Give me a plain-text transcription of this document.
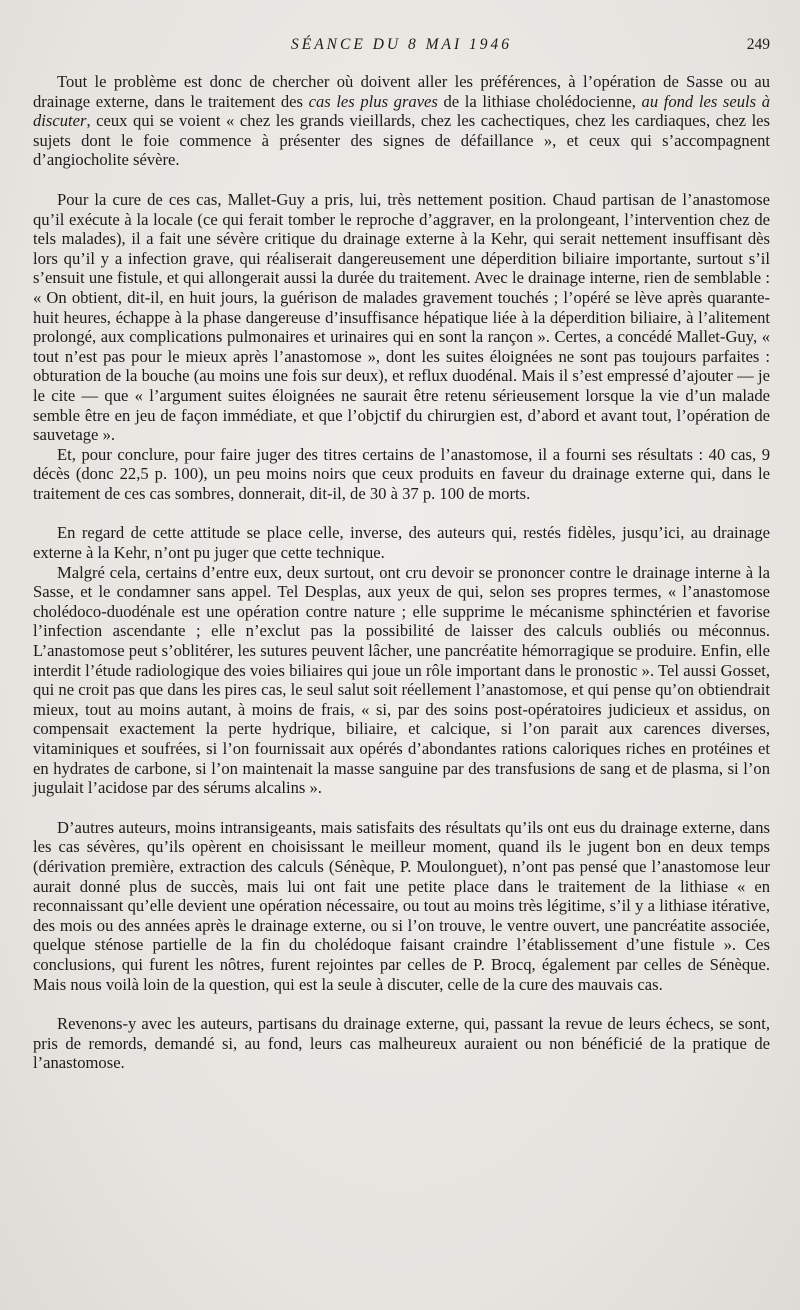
SÉANCE DU 8 MAI 1946	249

Tout le problème est donc de chercher où doivent aller les préférences, à l’opération de Sasse ou au drainage externe, dans le traitement des cas les plus graves de la lithiase cholédocienne, au fond les seuls à discuter, ceux qui se voient « chez les grands vieillards, chez les cachectiques, chez les cardiaques, chez les sujets dont le foie commence à présenter des signes de défaillance », et ceux qui s’accompagnent d’angiocholite sévère.

Pour la cure de ces cas, Mallet-Guy a pris, lui, très nettement position. Chaud partisan de l’anastomose qu’il exécute à la locale (ce qui ferait tomber le reproche d’aggraver, en la prolongeant, l’intervention chez de tels malades), il a fait une sévère critique du drainage externe à la Kehr, qui serait nettement insuffisant dès lors qu’il y a infection grave, qui réaliserait dangereusement une déperdition biliaire importante, surtout s’il s’ensuit une fistule, et qui allongerait aussi la durée du traitement. Avec le drainage interne, rien de semblable : « On obtient, dit-il, en huit jours, la guérison de malades gravement touchés ; l’opéré se lève après quarante-huit heures, échappe à la phase dangereuse d’insuffisance hépatique liée à la déperdition biliaire, à l’alitement prolongé, aux complications pulmonaires et urinaires qui en sont la rançon ». Certes, a concédé Mallet-Guy, « tout n’est pas pour le mieux après l’anastomose », dont les suites éloignées ne sont pas toujours parfaites : obturation de la bouche (au moins une fois sur deux), et reflux duodénal. Mais il s’est empressé d’ajouter — je le cite — que « l’argument suites éloignées ne saurait être retenu sérieusement lorsque la vie d’un malade semble être en jeu de façon immédiate, et que l’objctif du chirurgien est, d’abord et avant tout, l’opération de sauvetage ».

Et, pour conclure, pour faire juger des titres certains de l’anastomose, il a fourni ses résultats : 40 cas, 9 décès (donc 22,5 p. 100), un peu moins noirs que ceux produits en faveur du drainage externe qui, dans le traitement de ces cas sombres, donnerait, dit-il, de 30 à 37 p. 100 de morts.

En regard de cette attitude se place celle, inverse, des auteurs qui, restés fidèles, jusqu’ici, au drainage externe à la Kehr, n’ont pu juger que cette technique.

Malgré cela, certains d’entre eux, deux surtout, ont cru devoir se prononcer contre le drainage interne à la Sasse, et le condamner sans appel. Tel Desplas, aux yeux de qui, selon ses propres termes, « l’anastomose cholédoco-duodénale est une opération contre nature ; elle supprime le mécanisme sphinctérien et favorise l’infection ascendante ; elle n’exclut pas la possibilité de laisser des calculs oubliés ou méconnus. L’anastomose peut s’oblitérer, les sutures peuvent lâcher, une pancréatite hémorragique se produire. Enfin, elle interdit l’étude radiologique des voies biliaires qui joue un rôle important dans le pronostic ». Tel aussi Gosset, qui ne croit pas que dans les pires cas, le seul salut soit réellement l’anastomose, et qui pense qu’on obtiendrait mieux, tout au moins autant, à moins de frais, « si, par des soins post-opératoires judicieux et assidus, on compensait exactement la perte hydrique, biliaire, et calcique, si l’on parait aux carences diverses, vitaminiques et soufrées, si l’on fournissait aux opérés d’abondantes rations caloriques riches en protéines et en hydrates de carbone, si l’on maintenait la masse sanguine par des transfusions de sang et de plasma, si l’on jugulait l’acidose par des sérums alcalins ».

D’autres auteurs, moins intransigeants, mais satisfaits des résultats qu’ils ont eus du drainage externe, dans les cas sévères, qu’ils opèrent en choisissant le meilleur moment, quand ils le jugent bon en deux temps (dérivation première, extraction des calculs (Sénèque, P. Moulonguet), n’ont pas pensé que l’anastomose leur aurait donné plus de succès, mais lui ont fait une petite place dans le traitement de la lithiase « en reconnaissant qu’elle devient une opération nécessaire, ou tout au moins très légitime, s’il y a lithiase itérative, des mois ou des années après le drainage externe, ou si l’on trouve, le ventre ouvert, une pancréatite associée, quelque sténose partielle de la fin du cholédoque faisant craindre l’établissement d’une fistule ». Ces conclusions, qui furent les nôtres, furent rejointes par celles de P. Brocq, également par celles de Sénèque. Mais nous voilà loin de la question, qui est la seule à discuter, celle de la cure des mauvais cas.

Revenons-y avec les auteurs, partisans du drainage externe, qui, passant la revue de leurs échecs, se sont, pris de remords, demandé si, au fond, leurs cas malheureux auraient ou non bénéficié de la pratique de l’anastomose.
